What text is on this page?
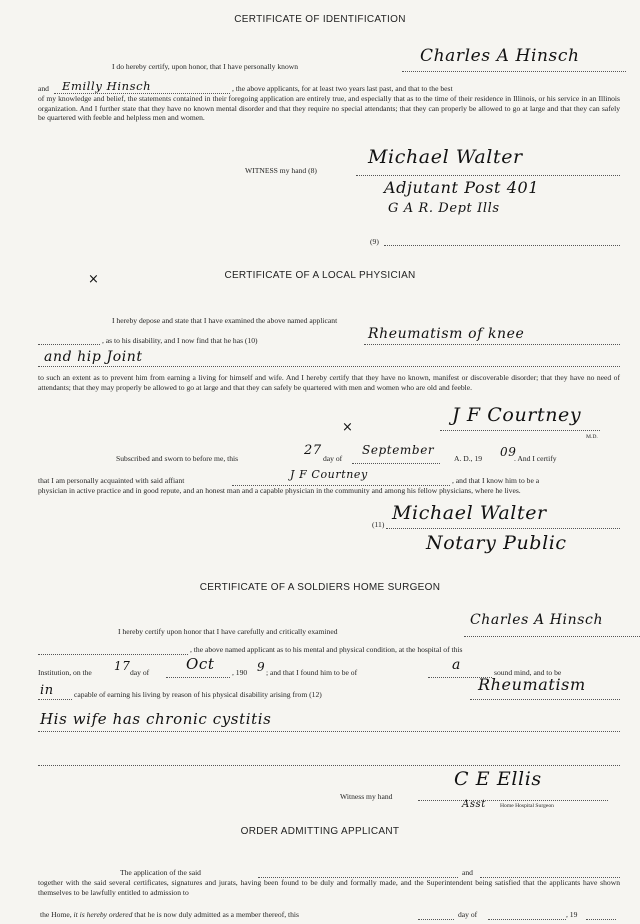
CERTIFICATE OF IDENTIFICATION
I do hereby certify, upon honor, that I have personally known
Charles A Hinsch
and Emilly Hinsch	, the above applicants, for at least two years last past, and that to the best
of my knowledge and belief, the statements contained in their foregoing application are entirely true, and especially that as to the time of their residence in Illinois, or his service in an Illinois organization. And I further state that they have no known mental disorder and that they require no special attendants; that they can properly be allowed to go at large and that they can safely be quartered with feeble and helpless men and women.
WITNESS my hand (8)
Michael Walter
Adjutant Post 401
G A R. Dept Ills
(9)
×	CERTIFICATE OF A LOCAL PHYSICIAN
I hereby depose and state that I have examined the above named applicant
, as to his disability, and I now find that he has (10)	Rheumatism of knee
and hip Joint
to such an extent as to prevent him from earning a living for himself and wife. And I hereby certify that they have no known, manifest or discoverable disorder; that they have no need of attendants; that they may properly be allowed to go at large and that they can safely be quartered with men and women who are old and feeble.
×
J F Courtney
M.D.
Subscribed and sworn to before me, this
27
day of
September
A. D., 19 09
. And I certify
that I am personally acquainted with said affiant	J F Courtney	, and that I know him to be a
physician in active practice and in good repute, and an honest man and a capable physician in the community and among his fellow physicians, where he lives.
(11)
Michael Walter
Notary Public
CERTIFICATE OF A SOLDIERS HOME SURGEON
I hereby certify upon honor that I have carefully and critically examined
Charles A Hinsch
, the above named applicant as to his mental and physical condition, at the hospital of this
Institution, on the 17 day of Oct , 190 9 ; and that I found him to be of	a	sound mind, and to be
in	capable of earning his living by reason of his physical disability arising from (12)
Rheumatism
His wife has chronic cystitis
Witness my hand
C E Ellis
Asst	Home Hospital Surgeon
ORDER ADMITTING APPLICANT
The application of the said	and
together with the said several certificates, signatures and jurats, having been found to be duly and formally made, and the Superintendent being satisfied that the applicants have shown themselves to be lawfully entitled to admission to
the Home, it is hereby ordered that he is now duly admitted as a member thereof, this	day of	, 19
